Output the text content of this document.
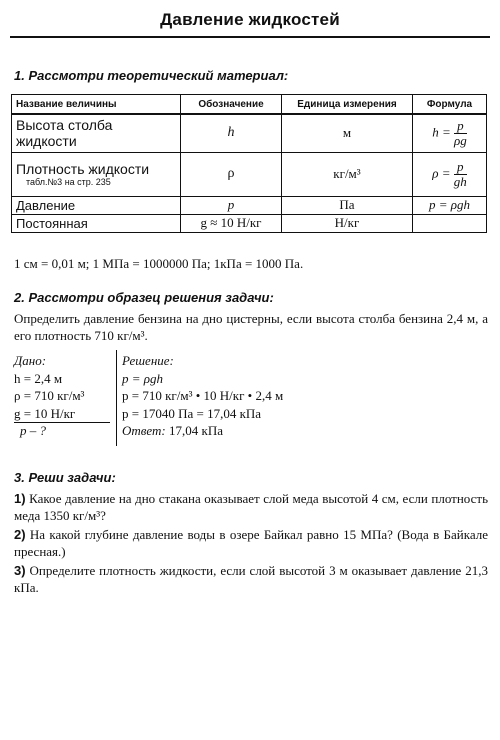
Давление жидкостей
1. Рассмотри теоретический материал:
Название величины	Обозначение	Единица измерения	Формула
Высота столба жидкости	h	м	$h = \frac{p}{\rho g}$

Плотность жидкости
табл.№3 на стр. 235	ρ	кг/м³	$\rho = \frac{p}{gh}$

Давление	p	Па	p = ρgh
Постоянная	g ≈ 10 Н/кг	Н/кг	
1 см = 0,01 м; 1 МПа = 1000000 Па; 1кПа = 1000 Па.
2. Рассмотри образец решения задачи:
Определить давление бензина на дно цистерны, если высота столба бензина 2,4 м, а его плотность 710 кг/м³.
Дано:
h = 2,4 м
ρ = 710 кг/м³
g = 10 Н/кг
p – ?
Решение:
p = ρgh
p = 710 кг/м³ • 10 Н/кг • 2,4 м
p = 17040 Па = 17,04 кПа
Ответ: 17,04 кПа
3. Реши задачи:
1) Какое давление на дно стакана оказывает слой меда высотой 4 см, если плотность меда 1350 кг/м³?
2) На какой глубине давление воды в озере Байкал равно 15 МПа? (Вода в Байкале пресная.)
3) Определите плотность жидкости, если слой высотой 3 м оказывает давление 21,3 кПа.
